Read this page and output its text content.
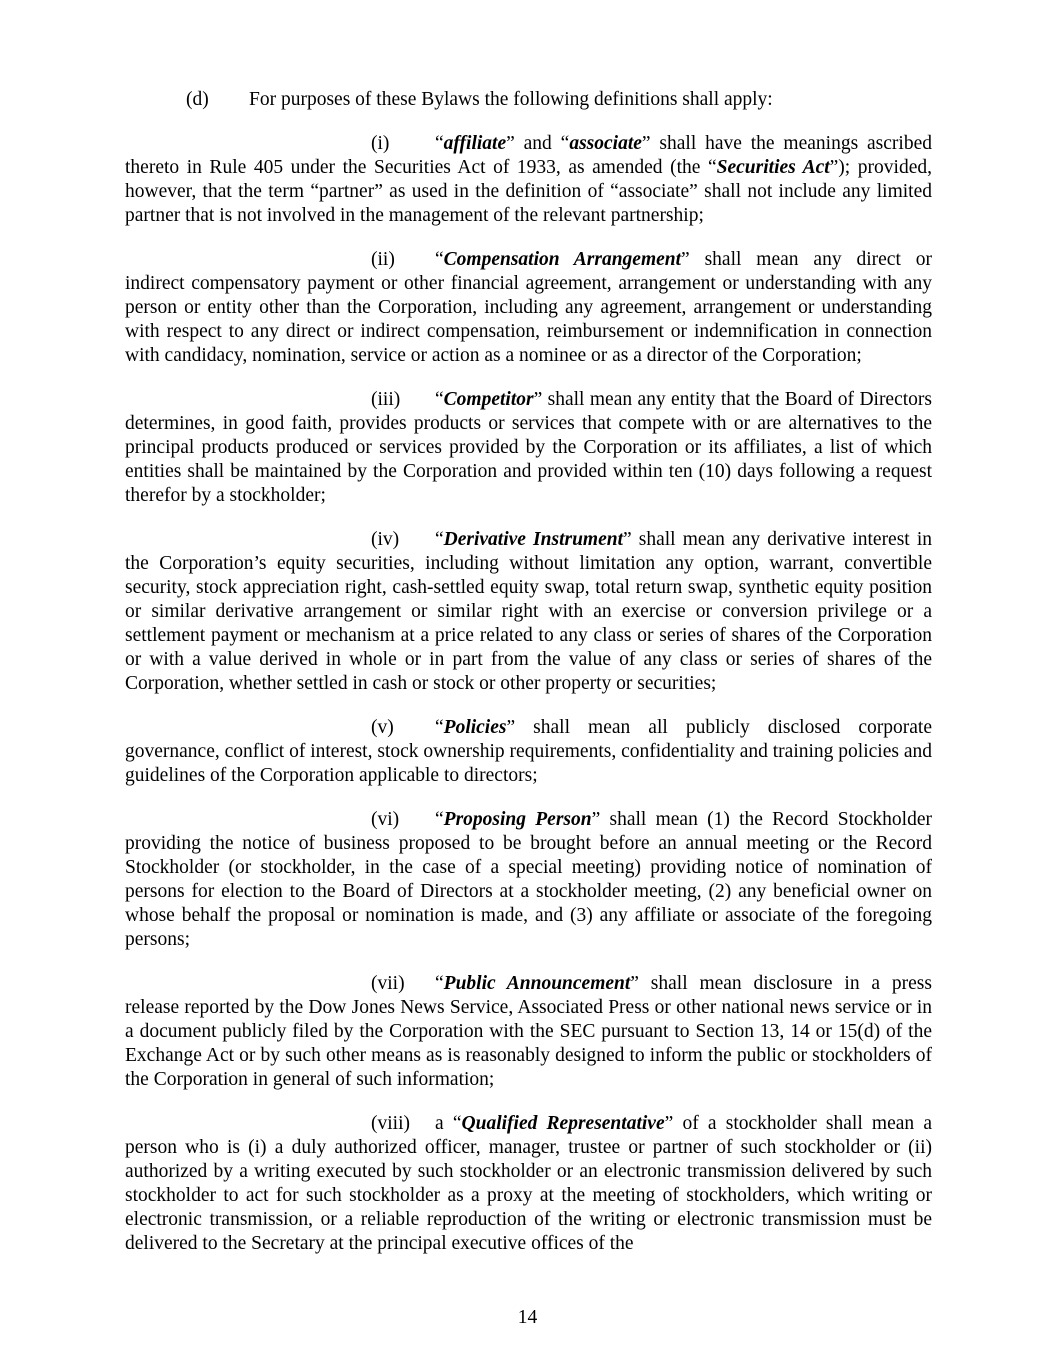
(d) For purposes of these Bylaws the following definitions shall apply:

(i) “affiliate” and “associate” shall have the meanings ascribed thereto in Rule 405 under the Securities Act of 1933, as amended (the “Securities Act”); provided, however, that the term “partner” as used in the definition of “associate” shall not include any limited partner that is not involved in the management of the relevant partnership;

(ii) “Compensation Arrangement” shall mean any direct or indirect compensatory payment or other financial agreement, arrangement or understanding with any person or entity other than the Corporation, including any agreement, arrangement or understanding with respect to any direct or indirect compensation, reimbursement or indemnification in connection with candidacy, nomination, service or action as a nominee or as a director of the Corporation;

(iii) “Competitor” shall mean any entity that the Board of Directors determines, in good faith, provides products or services that compete with or are alternatives to the principal products produced or services provided by the Corporation or its affiliates, a list of which entities shall be maintained by the Corporation and provided within ten (10) days following a request therefor by a stockholder;

(iv) “Derivative Instrument” shall mean any derivative interest in the Corporation’s equity securities, including without limitation any option, warrant, convertible security, stock appreciation right, cash-settled equity swap, total return swap, synthetic equity position or similar derivative arrangement or similar right with an exercise or conversion privilege or a settlement payment or mechanism at a price related to any class or series of shares of the Corporation or with a value derived in whole or in part from the value of any class or series of shares of the Corporation, whether settled in cash or stock or other property or securities;

(v) “Policies” shall mean all publicly disclosed corporate governance, conflict of interest, stock ownership requirements, confidentiality and training policies and guidelines of the Corporation applicable to directors;

(vi) “Proposing Person” shall mean (1) the Record Stockholder providing the notice of business proposed to be brought before an annual meeting or the Record Stockholder (or stockholder, in the case of a special meeting) providing notice of nomination of persons for election to the Board of Directors at a stockholder meeting, (2) any beneficial owner on whose behalf the proposal or nomination is made, and (3) any affiliate or associate of the foregoing persons;

(vii) “Public Announcement” shall mean disclosure in a press release reported by the Dow Jones News Service, Associated Press or other national news service or in a document publicly filed by the Corporation with the SEC pursuant to Section 13, 14 or 15(d) of the Exchange Act or by such other means as is reasonably designed to inform the public or stockholders of the Corporation in general of such information;

(viii) a “Qualified Representative” of a stockholder shall mean a person who is (i) a duly authorized officer, manager, trustee or partner of such stockholder or (ii) authorized by a writing executed by such stockholder or an electronic transmission delivered by such stockholder to act for such stockholder as a proxy at the meeting of stockholders, which writing or electronic transmission, or a reliable reproduction of the writing or electronic transmission must be delivered to the Secretary at the principal executive offices of the

14
